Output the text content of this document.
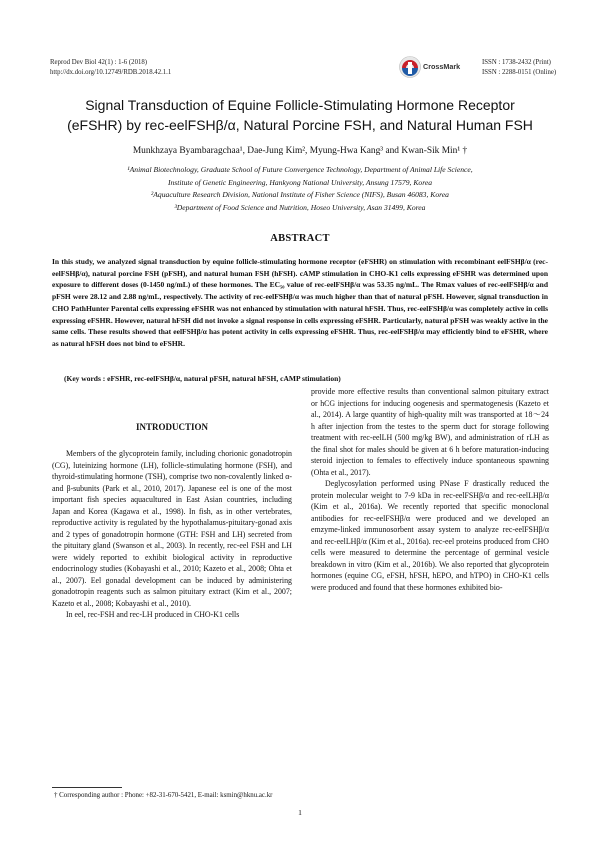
Reprod Dev Biol 42(1) : 1-6 (2018)
http://dx.doi.org/10.12749/RDB.2018.42.1.1
CrossMark	ISSN : 1738-2432 (Print)
ISSN : 2288-0151 (Online)
Signal Transduction of Equine Follicle-Stimulating Hormone Receptor
(eFSHR) by rec-eelFSHβ/α, Natural Porcine FSH, and Natural Human FSH
Munkhzaya Byambaragchaa¹, Dae-Jung Kim², Myung-Hwa Kang³ and Kwan-Sik Min¹ †
¹Animal Biotechnology, Graduate School of Future Convergence Technology, Department of Animal Life Science,
Institute of Genetic Engineering, Hankyong National University, Ansung 17579, Korea
²Aquaculture Research Division, National Institute of Fisher Science (NIFS), Busan 46083, Korea
³Department of Food Science and Nutrition, Hoseo University, Asan 31499, Korea
ABSTRACT
In this study, we analyzed signal transduction by equine follicle-stimulating hormone receptor (eFSHR) on stimulation with recombinant eelFSHβ/α (rec-eelFSHβ/α), natural porcine FSH (pFSH), and natural human FSH (hFSH). cAMP stimulation in CHO-K1 cells expressing eFSHR was determined upon exposure to different doses (0-1450 ng/mL) of these hormones. The EC₅₀ value of rec-eelFSHβ/α was 53.35 ng/mL. The Rmax values of rec-eelFSHβ/α and pFSH were 28.12 and 2.88 ng/mL, respectively. The activity of rec-eelFSHβ/α was much higher than that of natural pFSH. However, signal transduction in CHO PathHunter Parental cells expressing eFSHR was not enhanced by stimulation with natural hFSH. Thus, rec-eelFSHβ/α was completely active in cells expressing eFSHR. However, natural hFSH did not invoke a signal response in cells expressing eFSHR. Particularly, natural pFSH was weakly active in the same cells. These results showed that eelFSHβ/α has potent activity in cells expressing eFSHR. Thus, rec-eelFSHβ/α may efficiently bind to eFSHR, where as natural hFSH does not bind to eFSHR.
(Key words : eFSHR, rec-eelFSHβ/α, natural pFSH, natural hFSH, cAMP stimulation)
INTRODUCTION

Members of the glycoprotein family, including chorionic gonadotropin (CG), luteinizing hormone (LH), follicle-stimulating hormone (FSH), and thyroid-stimulating hormone (TSH), comprise two non-covalently linked α- and β-subunits (Park et al., 2010, 2017). Japanese eel is one of the most important fish species aquacultured in East Asian countries, including Japan and Korea (Kagawa et al., 1998). In fish, as in other vertebrates, reproductive activity is regulated by the hypothalamus-pituitary-gonad axis and 2 types of gonadotropin hormone (GTH: FSH and LH) secreted from the pituitary gland (Swanson et al., 2003). In recently, rec-eel FSH and LH were widely reported to exhibit biological activity in reproductive endocrinology studies (Kobayashi et al., 2010; Kazeto et al., 2008; Ohta et al., 2007). Eel gonadal development can be induced by administering gonadotropin reagents such as salmon pituitary extract (Kim et al., 2007; Kazeto et al., 2008; Kobayashi et al., 2010).

In eel, rec-FSH and rec-LH produced in CHO-K1 cells

provide more effective results than conventional salmon pituitary extract or hCG injections for inducing oogenesis and spermatogenesis (Kazeto et al., 2014). A large quantity of high-quality milt was transported at 18～24 h after injection from the testes to the sperm duct for storage following treatment with rec-eelLH (500 mg/kg BW), and administration of rLH as the final shot for males should be given at 6 h before maturation-inducing steroid injection to females to effectively induce spontaneous spawning (Ohta et al., 2017).

Deglycosylation performed using PNase F drastically reduced the protein molecular weight to 7-9 kDa in rec-eelFSHβ/α and rec-eelLHβ/α (Kim et al., 2016a). We recently reported that specific monoclonal antibodies for rec-eelFSHβ/α were produced and we developed an emzyme-linked immunosorbent assay system to analyze rec-eelFSHβ/α and rec-eelLHβ/α (Kim et al., 2016a). rec-eel proteins produced from CHO cells were measured to determine the percentage of germinal vesicle breakdown in vitro (Kim et al., 2016b). We also reported that glycoprotein hormones (equine CG, eFSH, hFSH, hEPO, and hTPO) in CHO-K1 cells were produced and found that these hormones exhibited bio-

† Corresponding author : Phone: +82-31-670-5421, E-mail: ksmin@hknu.ac.kr
1
